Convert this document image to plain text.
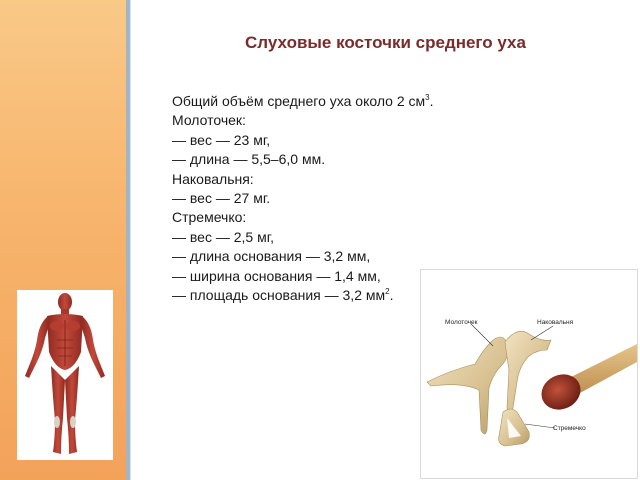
Слуховые косточки среднего уха
Общий объём среднего уха около 2 $см^3$.
Молоточек:
— вес — 23 мг,
— длина — 5,5–6,0 мм.
Наковальня:
— вес — 27 мг.
Стремечко:
— вес — 2,5 мг,
— длина основания — 3,2 мм,
— ширина основания — 1,4 мм,
— площадь основания — 3,2 $мм^2$.
Молоточек	Наковальня
Стремечко
